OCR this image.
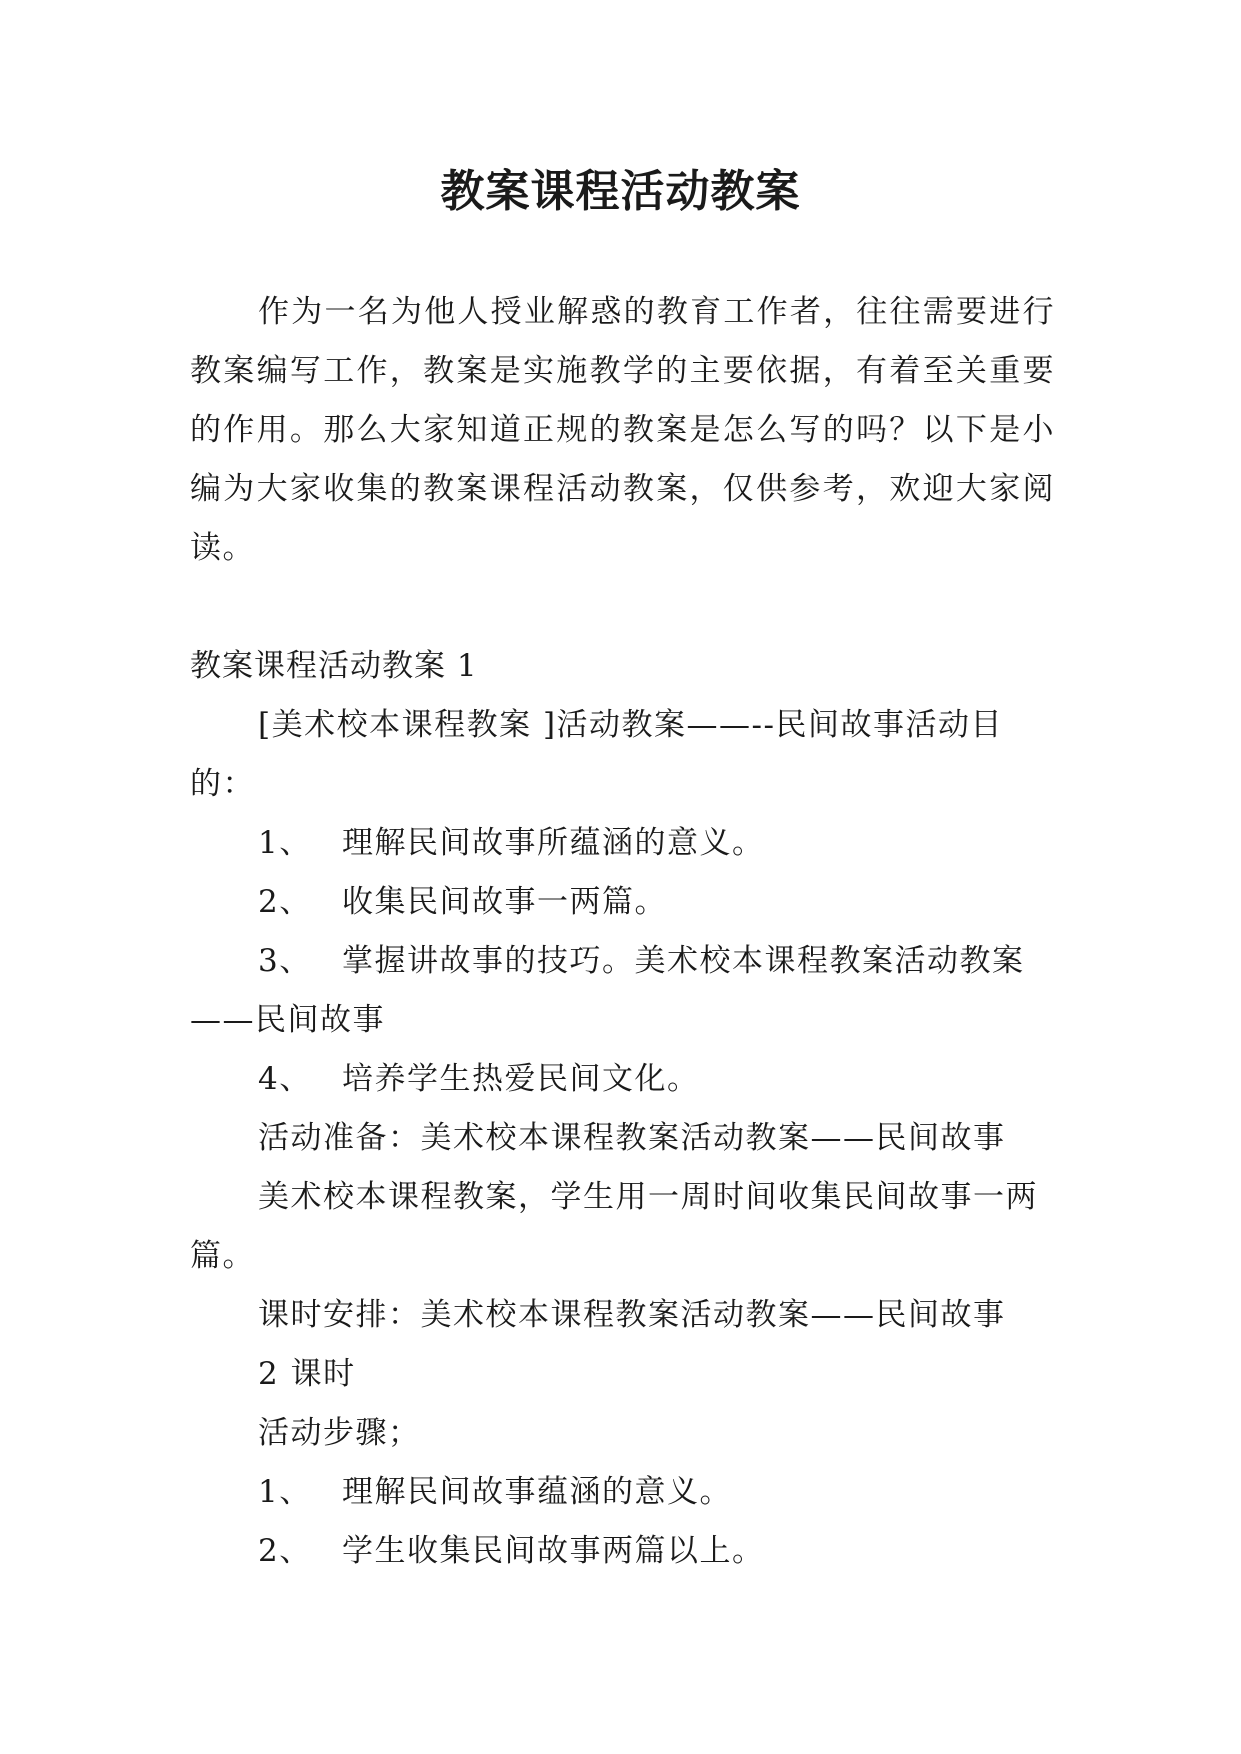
教案课程活动教案
作为一名为他人授业解惑的教育工作者，往往需要进行教案编写工作，教案是实施教学的主要依据，有着至关重要的作用。那么大家知道正规的教案是怎么写的吗？以下是小编为大家收集的教案课程活动教案，仅供参考，欢迎大家阅读。

教案课程活动教案 1

[美术校本课程教案 ]活动教案——--民间故事活动目的：

1、 理解民间故事所蕴涵的意义。

2、 收集民间故事一两篇。

3、 掌握讲故事的技巧。美术校本课程教案活动教案——民间故事

4、 培养学生热爱民间文化。

活动准备：美术校本课程教案活动教案——民间故事

美术校本课程教案，学生用一周时间收集民间故事一两篇。

课时安排：美术校本课程教案活动教案——民间故事

2 课时

活动步骤；

1、 理解民间故事蕴涵的意义。

2、 学生收集民间故事两篇以上。
